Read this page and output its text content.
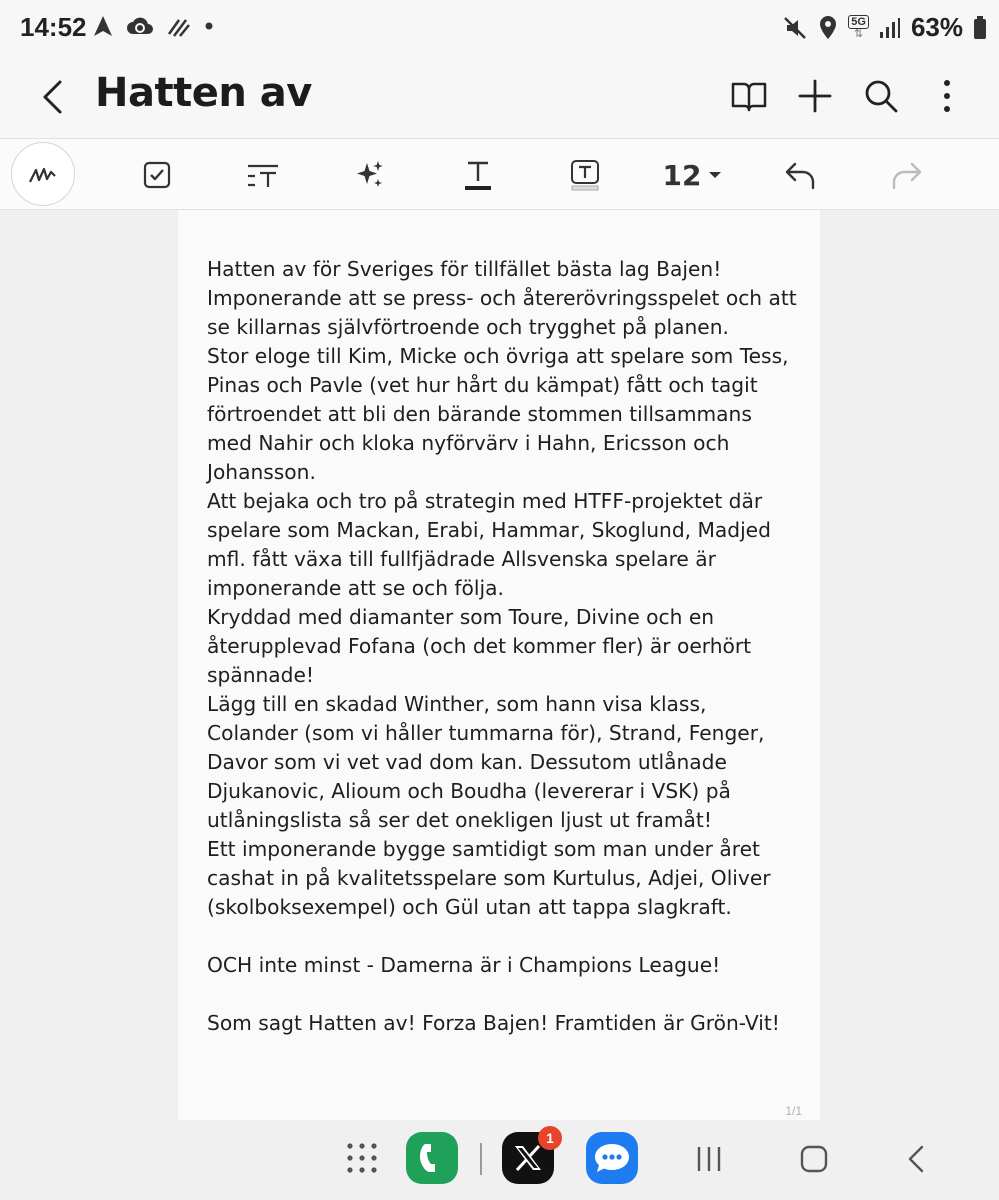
14:52	5G
⇅ 63%
Hatten av
12

Hatten av för Sveriges för tillfället bästa lag Bajen!

Imponerande att se press- och återerövringsspelet och att se killarnas självförtroende och trygghet på planen.

Stor eloge till Kim, Micke och övriga att spelare som Tess, Pinas och Pavle (vet hur hårt du kämpat) fått och tagit förtroendet att bli den bärande stommen tillsammans med Nahir och kloka nyförvärv i Hahn, Ericsson och Johansson.

Att bejaka och tro på strategin med HTFF-projektet där spelare som Mackan, Erabi, Hammar, Skoglund, Madjed mfl. fått växa till fullfjädrade Allsvenska spelare är imponerande att se och följa.

Kryddad med diamanter som Toure, Divine och en återupplevad Fofana (och det kommer fler) är oerhört spännade!

Lägg till en skadad Winther, som hann visa klass, Colander (som vi håller tummarna för), Strand, Fenger, Davor som vi vet vad dom kan. Dessutom utlånade Djukanovic, Alioum och Boudha (levererar i VSK) på utlåningslista så ser det onekligen ljust ut framåt!

Ett imponerande bygge samtidigt som man under året cashat in på kvalitetsspelare som Kurtulus, Adjei, Oliver (skolboksexempel) och Gül utan att tappa slagkraft.

OCH inte minst - Damerna är i Champions League!

Som sagt Hatten av! Forza Bajen! Framtiden är Grön-Vit!

1/1
1
